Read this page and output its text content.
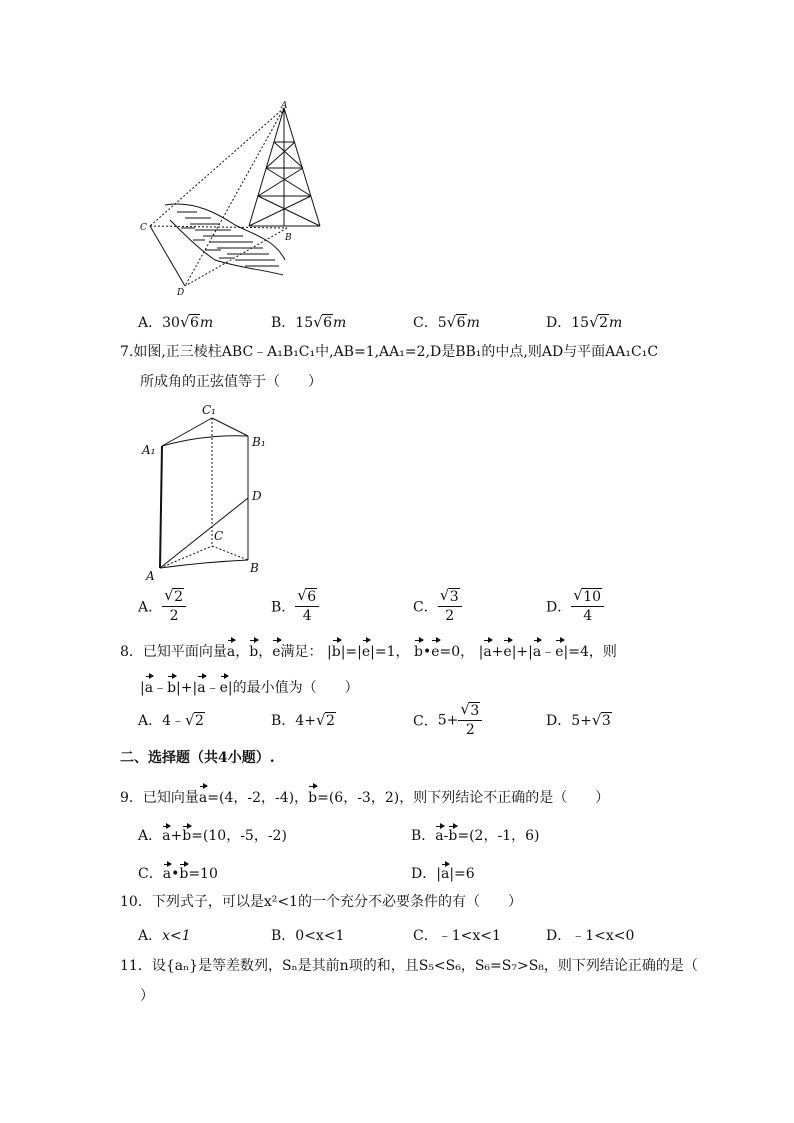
A
B
C
D
A．30 √ 6m	B．15 √ 6m	C．5 √ 6m	D．15 √ 2m
7.如图,正三棱柱ABC﹣A₁B₁C₁中,AB=1,AA₁=2,D是BB₁的中点,则AD与平面AA₁C₁C
所成角的正弦值等于（　　）
C₁
A₁
B₁
D
C
A
B
A． √ $\frac{2}{2}$	B． √ $\frac{6}{4}$	C． √ $\frac{3}{2}$	D． √ $\frac{10}{4}$
8．已知平面向量a，b，e满足： |b|=|e|=1， b•e=0， |a+e|+|a﹣e|=4，则
|a﹣b|+|a﹣e|的最小值为（　　）
A．4﹣ √ 2	B．4+ √ 2	C．5+ √ $\frac{3}{2}$	D．5+ √ 3
二、选择题（共4小题）.
9．已知向量a=(4，-2，-4)，b=(6，-3，2)，则下列结论不正确的是（　　）
A．a+b=(10，-5，-2)	B．a-b=(2，-1，6)
C．a•b=10	D．|a|=6
10．下列式子，可以是x²<1的一个充分不必要条件的有（　　）
A．x<1	B．0<x<1	C．﹣1<x<1	D．﹣1<x<0
11．设{aₙ}是等差数列，Sₙ是其前n项的和，且S₅<S₆，S₆=S₇>S₈，则下列结论正确的是（
）
